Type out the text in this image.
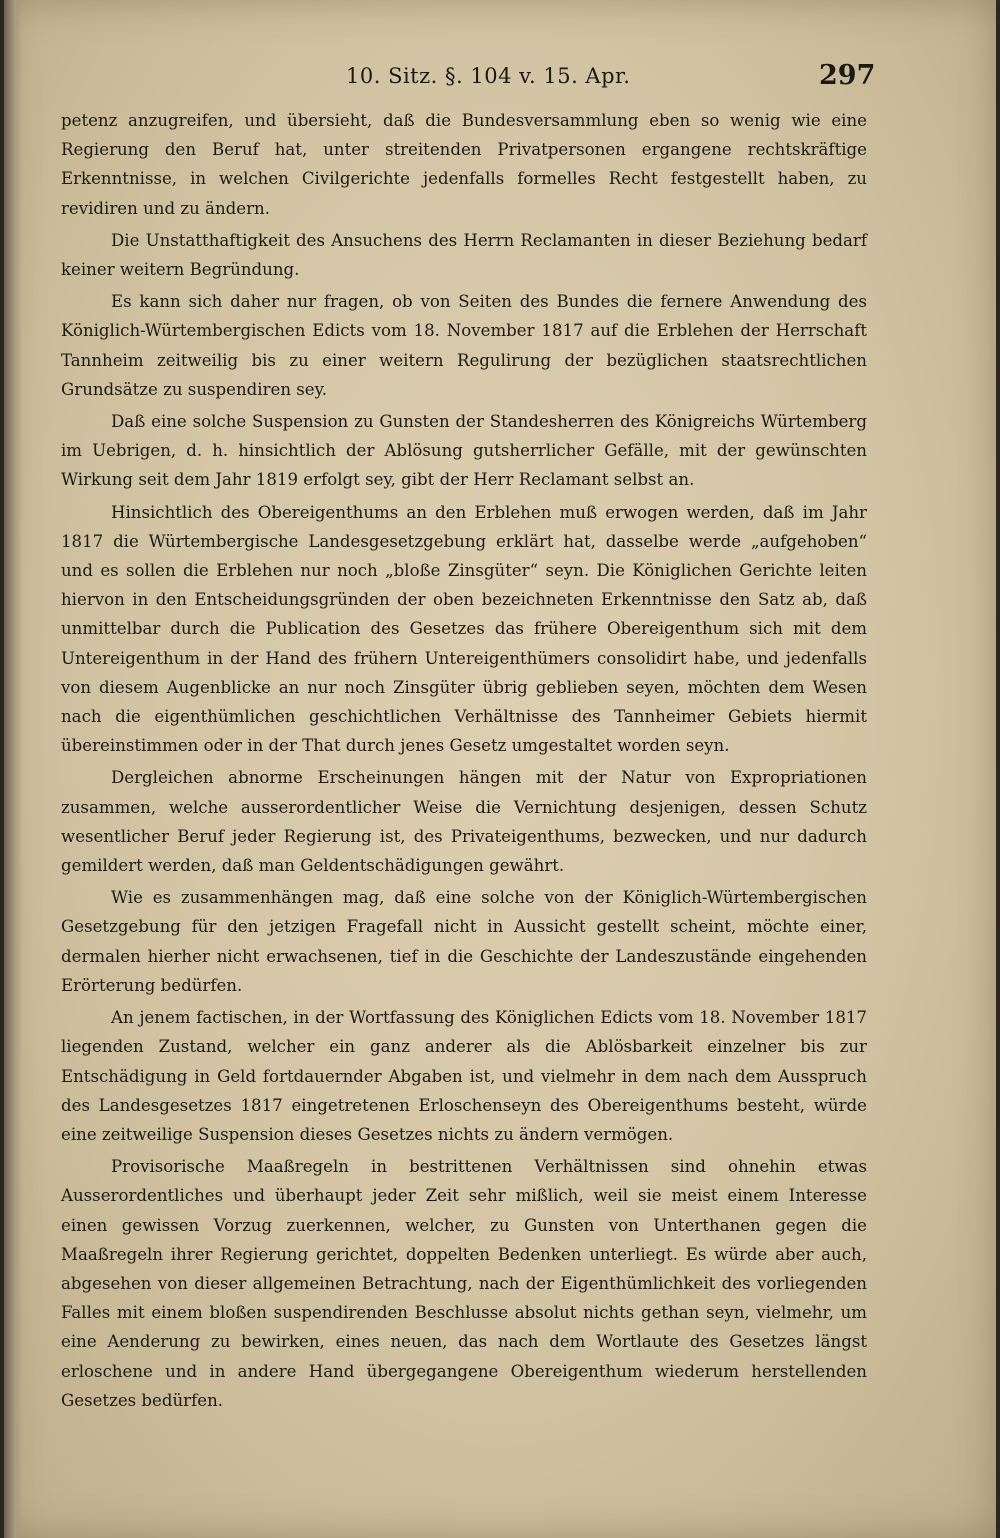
10. Sitz. §. 104 v. 15. Apr.	297

petenz anzugreifen, und übersieht, daß die Bundesversammlung eben so wenig wie eine Regierung den Beruf hat, unter streitenden Privatpersonen ergangene rechtskräftige Erkenntnisse, in welchen Civilgerichte jedenfalls formelles Recht festgestellt haben, zu revidiren und zu ändern.

Die Unstatthaftigkeit des Ansuchens des Herrn Reclamanten in dieser Beziehung bedarf keiner weitern Begründung.

Es kann sich daher nur fragen, ob von Seiten des Bundes die fernere Anwendung des Königlich-Würtembergischen Edicts vom 18. November 1817 auf die Erblehen der Herrschaft Tannheim zeitweilig bis zu einer weitern Regulirung der bezüglichen staatsrechtlichen Grundsätze zu suspendiren sey.

Daß eine solche Suspension zu Gunsten der Standesherren des Königreichs Würtemberg im Uebrigen, d. h. hinsichtlich der Ablösung gutsherrlicher Gefälle, mit der gewünschten Wirkung seit dem Jahr 1819 erfolgt sey, gibt der Herr Reclamant selbst an.

Hinsichtlich des Obereigenthums an den Erblehen muß erwogen werden, daß im Jahr 1817 die Würtembergische Landesgesetzgebung erklärt hat, dasselbe werde „aufgehoben“ und es sollen die Erblehen nur noch „bloße Zinsgüter“ seyn. Die Königlichen Gerichte leiten hiervon in den Entscheidungsgründen der oben bezeichneten Erkenntnisse den Satz ab, daß unmittelbar durch die Publication des Gesetzes das frühere Obereigenthum sich mit dem Untereigenthum in der Hand des frühern Untereigenthümers consolidirt habe, und jedenfalls von diesem Augenblicke an nur noch Zinsgüter übrig geblieben seyen, möchten dem Wesen nach die eigenthümlichen geschichtlichen Verhältnisse des Tannheimer Gebiets hiermit übereinstimmen oder in der That durch jenes Gesetz umgestaltet worden seyn.

Dergleichen abnorme Erscheinungen hängen mit der Natur von Expropriationen zusammen, welche ausserordentlicher Weise die Vernichtung desjenigen, dessen Schutz wesentlicher Beruf jeder Regierung ist, des Privateigenthums, bezwecken, und nur dadurch gemildert werden, daß man Geldentschädigungen gewährt.

Wie es zusammenhängen mag, daß eine solche von der Königlich-Würtembergischen Gesetzgebung für den jetzigen Fragefall nicht in Aussicht gestellt scheint, möchte einer, dermalen hierher nicht erwachsenen, tief in die Geschichte der Landeszustände eingehenden Erörterung bedürfen.

An jenem factischen, in der Wortfassung des Königlichen Edicts vom 18. November 1817 liegenden Zustand, welcher ein ganz anderer als die Ablösbarkeit einzelner bis zur Entschädigung in Geld fortdauernder Abgaben ist, und vielmehr in dem nach dem Ausspruch des Landesgesetzes 1817 eingetretenen Erloschenseyn des Obereigenthums besteht, würde eine zeitweilige Suspension dieses Gesetzes nichts zu ändern vermögen.

Provisorische Maaßregeln in bestrittenen Verhältnissen sind ohnehin etwas Ausserordentliches und überhaupt jeder Zeit sehr mißlich, weil sie meist einem Interesse einen gewissen Vorzug zuerkennen, welcher, zu Gunsten von Unterthanen gegen die Maaßregeln ihrer Regierung gerichtet, doppelten Bedenken unterliegt. Es würde aber auch, abgesehen von dieser allgemeinen Betrachtung, nach der Eigenthümlichkeit des vorliegenden Falles mit einem bloßen suspendirenden Beschlusse absolut nichts gethan seyn, vielmehr, um eine Aenderung zu bewirken, eines neuen, das nach dem Wortlaute des Gesetzes längst erloschene und in andere Hand übergegangene Obereigenthum wiederum herstellenden Gesetzes bedürfen.
